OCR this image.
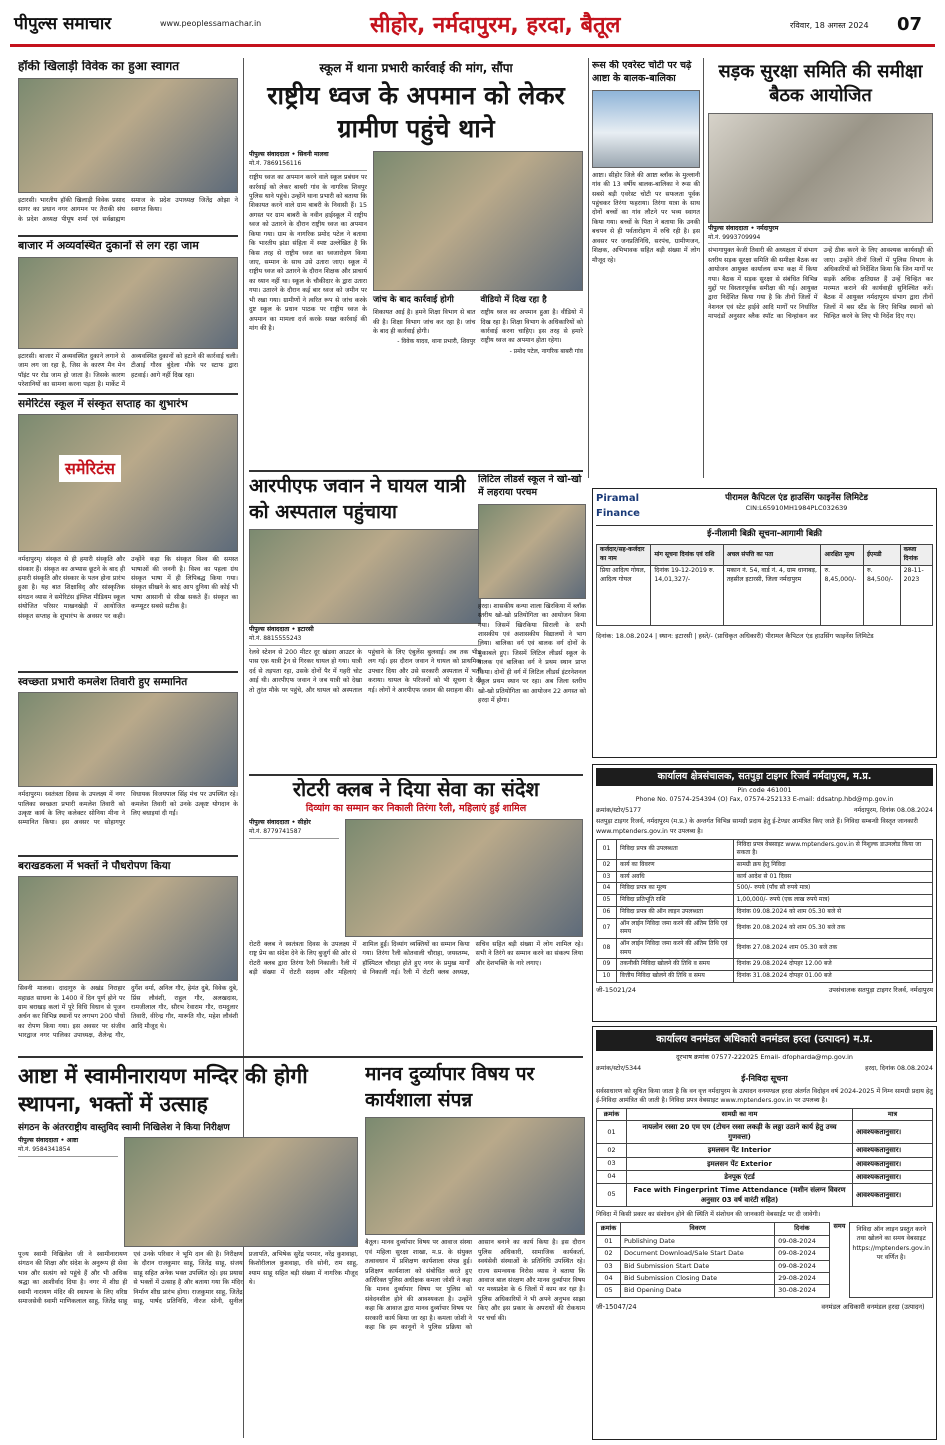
पीपुल्स समाचार	www.peoplessamachar.in	सीहोर, नर्मदापुरम, हरदा, बैतूल	रविवार, 18 अगस्त 2024 07
हॉकी खिलाड़ी विवेक का हुआ स्वागत
इटारसी। भारतीय हॉकी खिलाड़ी विवेक प्रसाद सागर का प्रधान नगर आगमन पर तैराकी संघ के प्रदेश अध्यक्ष पीयूष शर्मा एवं सर्वब्राह्मण समाज के प्रदेश उपाध्यक्ष जितेंद्र ओझा ने स्वागत किया।
बाजार में अव्यवस्थित दुकानों से लग रहा जाम
इटारसी। बाजार में अव्यवस्थित दुकाने लगाने से जाम लग जा रहा है, जिस के कारण मैन मेन पॉइंट पर रोड जाम हो जाता है। जिसके कारण परेशानियों का सामना करना पड़ता है। मार्केट में अव्यवस्थित दुकानों को हटाने की कार्रवाई चली। टीआई गौरव बुंदेला मौके पर स्टाफ द्वारा हटवाई। आगे नहीं दिख रहा।
समेरिटंस स्कूल में संस्कृत सप्ताह का शुभारंभ
समेरिटंस
नर्मदापुरम्। संस्कृत से ही हमारी संस्कृति और संस्कार हैं। संस्कृत का अभ्यास छूटने के बाद ही हमारी संस्कृति और संस्कार के पतन होना प्रारंभ हुआ है। यह बात शिक्षाविद् और सांस्कृतिक संगठन व्यास ने समेरिटंस इंग्लिश मीडियम स्कूल संयोजित परिसर माखनखेड़ी में आयोजित संस्कृत सप्ताह के शुभारंभ के अवसर पर कही। उन्होंने कहा कि संस्कृत विश्व की समस्त भाषाओं की जननी है। विश्व का पहला ग्रंथ संस्कृत भाषा में ही लिपिबद्ध किया गया। संस्कृत सीखने के बाद आप दुनिया की कोई भी भाषा आसानी से सीख सकते हैं। संस्कृत का कम्प्यूटर सबसे सटीक है।
स्वच्छता प्रभारी कमलेश तिवारी हुए सम्मानित
नर्मदापुरम। स्वतंत्रता दिवस के उपलक्ष्य में नगर पालिका स्वच्छता प्रभारी कमलेश तिवारी को उत्कृष्ट कार्य के लिए कलेक्टर सोनिया मीना ने सम्मानित किया। इस अवसर पर सोहागपुर विधायक विजयपाल सिंह मंच पर उपस्थित रहे। कमलेश तिवारी को उनके उत्कृष्ट योगदान के लिए बधाइयां दी गईं।
बराखडकला में भक्तों ने पौधरोपण किया
सिवनी मालवा। दादागुरु के अखंड निराहार महाव्रत साधना के 1400 वें दिन पूर्ण होने पर ग्राम बराखड़ कलां में पूरे विधि विधान से पूजन अर्चन कर विभिन्न स्थानों पर लगभग 200 पौधों का रोपण किया गया। इस अवसर पर संजीव भारद्वाज नगर पालिका उपाध्यक्ष, शैलेन्द्र गौर, दुर्गेश वर्मा, अनिल गौर, हेमंत दुबे, विवेक दुबे, प्रिंस लौवंशी, राहुल गौर, अलखदास, रामजीलाल गौर, सौरभ रेवाराम गौर, रामदुलार तिवारी, वीरेन्द्र गौर, मारूति गौर, महेश लौवंशी आदि मौजूद थे।
स्कूल में थाना प्रभारी कार्रवाई की मांग, सौंपा
राष्ट्रीय ध्वज के अपमान को लेकर ग्रामीण पहुंचे थाने
पीपुल्स संवाददाता • सिवनी मालवा
मो.नं. 7869156116
राष्ट्रीय ध्वज का अपमान करने वाले स्कूल प्रबंधन पर कार्रवाई को लेकर बाबरी गांव के नागरिक शिवपुर पुलिस थाने पहुंचे। उन्होंने थाना प्रभारी को बताया कि शिकायत करने वाले ग्राम बाबरी के निवासी हैं। 15 अगस्त पर ग्राम बाबरी के नवीन हाईस्कूल में राष्ट्रीय ध्वज को उतारने के दौरान राष्ट्रीय ध्वज का अपमान किया गया। ग्राम के नागरिक प्रमोद पटेल ने बताया कि भारतीय झंडा संहिता में स्पष्ट उल्लेखित है कि किस तरह से राष्ट्रीय ध्वज का ध्वजारोहण किया जाए, सम्मान के साथ उसे उतारा जाए। स्कूल में राष्ट्रीय ध्वज को उतारने के दौरान शिक्षक और प्राचार्य का ध्यान नहीं था। स्कूल के चौकीदार के द्वारा उतारा गया। उतारने के दौरान कई बार ध्वज को जमीन पर भी रखा गया। ग्रामीणों ने त्वरित रूप से जांच करके दुष्ट स्कूल के प्रधान पाठक पर राष्ट्रीय ध्वज के अपमान का मामला दर्ज करके सख्त कार्रवाई की मांग की है।
जांच के बाद कार्रवाई होगी
शिकायत आई है। हमने शिक्षा विभाग से बात की है। शिक्षा विभाग जांच कर रहा है। जांच के बाद ही कार्रवाई होगी।
- विवेक यादव, थाना प्रभारी, शिवपुर
वीडियो में दिख रहा है
राष्ट्रीय ध्वज का अपमान हुआ है। वीडियो में दिख रहा है। शिक्षा विभाग के अधिकारियों को कार्रवाई करना चाहिए। इस तरह से हमारे राष्ट्रीय ध्वज का अपमान होता रहेगा।
- प्रमोद पटेल, नागरिक बाबरी गांव
रूस की एवरेस्ट चोटी पर चढ़े आष्टा के बालक-बालिका
आष्टा। सीहोर जिले की आष्टा ब्लॉक के मुल्लानी गांव की 13 वर्षीय बालक-बालिका ने रूस की सबसे बड़ी एवरेस्ट चोटी पर सफलता पूर्वक पहुंचकर तिरंगा फहराया। तिरंगा यात्रा के साथ दोनों बच्चों का गांव लौटने पर भव्य स्वागत किया गया। बच्चों के पिता ने बताया कि उनकी बचपन से ही पर्वतारोहण में रुचि रही है। इस अवसर पर जनप्रतिनिधि, सरपंच, ग्रामीणजन, शिक्षक, अभिभावक सहित बड़ी संख्या में लोग मौजूद रहे।
सड़क सुरक्षा समिति की समीक्षा बैठक आयोजित
पीपुल्स संवाददाता • नर्मदापुरम
मो.नं. 9993709994
संभागायुक्त केजी तिवारी की अध्यक्षता में संभाग स्तरीय सड़क सुरक्षा समिति की समीक्षा बैठक का आयोजन आयुक्त कार्यालय सभा कक्ष में किया गया। बैठक में सड़क सुरक्षा से संबंधित विभिन्न मुद्दों पर विस्तारपूर्वक समीक्षा की गई। आयुक्त द्वारा निर्देशित किया गया है कि तीनों जिलों में नेशनल एवं स्टेट हाईवे आदि मार्गों पर निर्धारित मापदंडों अनुसार ब्लैक स्पॉट का चिन्हांकन कर उन्हें ठीक करने के लिए आवश्यक कार्यवाही की जाए। उन्होंने तीनों जिलों में पुलिस विभाग के अधिकारियों को निर्देशित किया कि जिन मार्गों पर सड़कें अधिक क्षतिग्रस्त हैं उन्हें चिन्हित कर मरम्मत कराने की कार्यवाही सुनिश्चित करें। बैठक में आयुक्त नर्मदापुरम संभाग द्वारा तीनों जिलों में बस स्टैंड के लिए विभिन्न स्थानों को चिन्हित करने के लिए भी निर्देश दिए गए।
आरपीएफ जवान ने घायल यात्री को अस्पताल पहुंचाया
पीपुल्स संवाददाता • इटारसी
मो.नं. 8815555243
रेलवे स्टेशन से 200 मीटर दूर खंडवा आउटर के पास एक यात्री ट्रेन से गिरकर घायल हो गया। यात्री दर्द से तड़पता रहा, उसके दोनों पैर में गहरी चोट आई थी। आरपीएफ जवान ने जब यात्री को देखा तो तुरंत मौके पर पहुंचे, और घायल को अस्पताल पहुंचाने के लिए एंबुलेंस बुलवाई। तब तक भीड़ लग गई। इस दौरान जवान ने घायल को प्राथमिक उपचार दिया और उसे सरकारी अस्पताल में भर्ती कराया। घायल के परिजनों को भी सूचना दे दी गई। लोगों ने आरपीएफ जवान की सराहना की।
लिटिल लीडर्स स्कूल ने खो-खो में लहराया परचम
हरदा। शासकीय कन्या शाला खिरकिया में ब्लॉक स्तरीय खो-खो प्रतियोगिता का आयोजन किया गया। जिसमें खिरकिया सिराली के सभी शासकीय एवं अशासकीय विद्यालयों ने भाग लिया। बालिका वर्ग एवं बालक वर्ग दोनों के मुकाबले हुए। जिसमें लिटिल लीडर्स स्कूल के बालक एवं बालिका वर्ग ने प्रथम स्थान प्राप्त किया। दोनों ही वर्ग में लिटिल लीडर्स इंटरनेशनल स्कूल प्रथम स्थान पर रहा। अब जिला स्तरीय खो-खो प्रतियोगिता का आयोजन 22 अगस्त को हरदा में होगा।
रोटरी क्लब ने दिया सेवा का संदेश
दिव्यांग का सम्मान कर निकाली तिरंगा रैली, महिलाएं हुई शामिल
पीपुल्स संवाददाता • सीहोर
मो.नं. 8779741587
रोटरी क्लब ने स्वतंत्रता दिवस के उपलक्ष्य में राष्ट्र प्रेम का संदेश देने के लिए बुजुर्ग की ओर से रोटरी क्लब द्वारा तिरंगा रैली निकाली। रैली में बड़ी संख्या में रोटरी सदस्य और महिलाएं शामिल हुईं। दिव्यांग व्यक्तियों का सम्मान किया गया। तिरंगा रैली कोतवाली चौराहा, जयस्तम्भ, हॉस्पिटल चौराहा होते हुए नगर के प्रमुख मार्गों से निकाली गई। रैली में रोटरी क्लब अध्यक्ष, सचिव सहित बड़ी संख्या में लोग शामिल रहे। सभी ने तिरंगे का सम्मान करने का संकल्प लिया और देशभक्ति के नारे लगाए।
आष्टा में स्वामीनारायण मन्दिर की होगी स्थापना, भक्तों में उत्साह
संगठन के अंतरराष्ट्रीय वास्तुविद स्वामी निखिलेश ने किया निरीक्षण
पीपुल्स संवाददाता • आष्टा
मो.नं. 9584341854
पूज्य स्वामी निखिलेश जी ने स्वामीनारायण संगठन की शिक्षा और संदेश के अनुरूप ही सेवा भाव और सत्संग को पहुंचे हैं और भी अधिक श्रद्धा का आशीर्वाद दिया है। नगर में शीघ्र ही स्वामी नारायण मंदिर की स्थापना के लिए वरिष्ठ समाजसेवी स्वामी माणिकलाल साहू, जितेंद्र साहू एवं उनके परिवार ने भूमि दान की है। निरीक्षण के दौरान राजकुमार साहू, जितेंद्र साहू, संजय साहू सहित अनेक भक्त उपस्थित रहे। इस प्रयास से भक्तों में उत्साह है और बताया गया कि मंदिर निर्माण शीघ्र प्रारंभ होगा। राजकुमार साहू, जितेंद्र साहू, पार्षद प्रतिनिधि, नीरज सोनी, सुनील प्रजापति, अभिषेक सुरेंद्र परमार, नरेंद्र कुशवाहा, किशोरीलाल कुशवाहा, रवि सोनी, राम साहू, श्याम साहू सहित बड़ी संख्या में नागरिक मौजूद थे।
मानव दुर्व्यापार विषय पर कार्यशाला संपन्न
बैतूल। मानव दुर्व्यापार विषय पर आवाज संस्था एवं महिला सुरक्षा शाखा, म.प्र. के संयुक्त तत्वावधान में प्रशिक्षण कार्यशाला संपन्न हुई। प्रशिक्षण कार्यशाला को संबोधित करते हुए अतिरिक्त पुलिस अधीक्षक कमला जोशी ने कहा कि मानव दुर्व्यापार विषय पर पुलिस को संवेदनशील होने की आवश्यकता है। उन्होंने कहा कि आवाज द्वारा मानव दुर्व्यापार विषय पर सरकारी कार्य किया जा रहा है। कमला जोशी ने कहा कि हम कानूनों ने पुलिस प्रक्रिया को आसान बनाने का कार्य किया है। इस दौरान पुलिस अधिकारी, सामाजिक कार्यकर्ता, स्वयंसेवी संस्थाओं के प्रतिनिधि उपस्थित रहे। राज्य समन्वयक निरोस व्यास ने बताया कि आवाज बाल संरक्षण और मानव दुर्व्यापार विषय पर मध्यप्रदेश के 6 जिलों में काम कर रहा है। पुलिस अधिकारियों ने भी अपने अनुभव साझा किए और इस प्रकार के अपराधों की रोकथाम पर चर्चा की।
Piramal Finance
पीरामल कैपिटल एंड हाउसिंग फाइनेंस लिमिटेड
CIN:L65910MH1984PLC032639
ई-नीलामी बिक्री सूचना-आगामी बिक्री
कर्जदार/सह-कर्जदार का नाम	मांग सूचना दिनांक एवं राशि	अचल संपत्ति का पता	आरक्षित मूल्य	ईएमडी	कब्जा दिनांक
प्रिया आदित्य गोयल, आदित्य गोयल	दिनांक 19-12-2019 रु. 14,01,327/-	मकान नं. 54, वार्ड नं. 4, ग्राम धानाबड़, तहसील इटारसी, जिला नर्मदापुरम	रु. 8,45,000/-	रु. 84,500/-	28-11-2023
दिनांक: 18.08.2024 | स्थान: इटारसी | हस्ते/- (प्राधिकृत अधिकारी) पीरामल कैपिटल एंड हाउसिंग फाइनेंस लिमिटेड
कार्यालय क्षेत्रसंचालक, सतपुड़ा टाइगर रिजर्व नर्मदापुरम, म.प्र.
Pin code 461001
Phone No. 07574-254394 (O) Fax, 07574-252133 E-mail: ddsatnp.hbd@mp.gov.in
क्रमांक/स्टोर/5177	नर्मदापुरम, दिनांक 08.08.2024
सतपुड़ा टाइगर रिजर्व, नर्मदापुरम (म.प्र.) के अन्तर्गत विभिन्न सामग्री प्रदाय हेतु ई-टेण्डर आमंत्रित किए जाते हैं। निविदा सम्बन्धी विस्तृत जानकारी www.mptenders.gov.in पर उपलब्ध है।
01	निविदा प्रपत्र की उपलब्धता	निविदा प्रपत्र वेबसाइट www.mptenders.gov.in से निशुल्क डाउनलोड किया जा सकता है।
02	कार्य का विवरण	सामग्री क्रय हेतु निविदा
03	कार्य अवधि	कार्य आदेश से 01 दिवस
04	निविदा प्रपत्र का मूल्य	500/- रुपये (पाँच सौ रुपये मात्र)
05	निविदा प्रतिभूति राशि	1,00,000/- रुपये (एक लाख रुपये मात्र)
06	निविदा प्रपत्र की ऑन लाइन उपलब्धता	दिनांक 09.08.2024 को शाम 05.30 बजे से
07	ऑन लाईन निविदा जमा करने की अंतिम तिथि एवं समय	दिनांक 20.08.2024 को शाम 05.30 बजे तक
08	ऑन लाईन निविदा जमा करने की अंतिम तिथि एवं समय	दिनांक 27.08.2024 शाम 05.30 बजे तक
09	तकनीकी निविदा खोलने की तिथि व समय	दिनांक 29.08.2024 दोपहर 12.00 बजे
10	वित्तीय निविदा खोलने की तिथि व समय	दिनांक 31.08.2024 दोपहर 01.00 बजे
जी-15021/24	उपसंचालक सतपुड़ा टाइगर रिजर्व, नर्मदापुरम
कार्यालय वनमंडल अधिकारी वनमंडल हरदा (उत्पादन) म.प्र.
दूरभाष क्रमांक 07577-222025 Email- dfopharda@mp.gov.in
क्रमांक/स्टोर/5344	हरदा, दिनांक 08.08.2024
ई-निविदा सूचना
सर्वसाधारण को सूचित किया जाता है कि वन वृत्त नर्मदापुरम के उत्पादन वनमण्डल हरदा अंतर्गत विदोहन वर्ष 2024-2025 में निम्न सामग्री प्रदाय हेतु ई-निविदा आमंत्रित की जाती है। निविदा प्रपत्र वेबसाइट www.mptenders.gov.in पर उपलब्ध है।
क्रमांक	सामग्री का नाम	मात्र
01	नायलोन रस्सा 20 एम एम (टोचन रस्सा लकड़ी के लठ्ठा उठाने कार्य हेतु उच्च गुणवत्ता)	आवश्यकतानुसार।
02	इमलसन पेंट Interior	आवश्यकतानुसार।
03	इमलसन पेंट Exterior	आवश्यकतानुसार।
04	डेनपूक एंटर्ड	आवश्यकतानुसार।
05	Face with Fingerprint Time Attendance (मशीन संलग्न विवरण अनुसार 03 वर्ष वारंटी सहित)	आवश्यकतानुसार।
निविदा में किसी प्रकार का संशोधन होने की स्थिति में संशोधन की जानकारी वेबसाईट पर दी जावेगी।
क्रमांक	विवरण	दिनांक
01	Publishing Date	09-08-2024
02	Document Download/Sale Start Date	09-08-2024
03	Bid Submission Start Date	09-08-2024
04	Bid Submission Closing Date	29-08-2024
05	Bid Opening Date	30-08-2024
समय	निविदा ऑन लाइन प्रस्तुत करने तथा खोलने का समय वेबसाइट https://mptenders.gov.in पर वर्णित है।
जी-15047/24	वनमंडल अधिकारी वनमंडल हरदा (उत्पादन)
